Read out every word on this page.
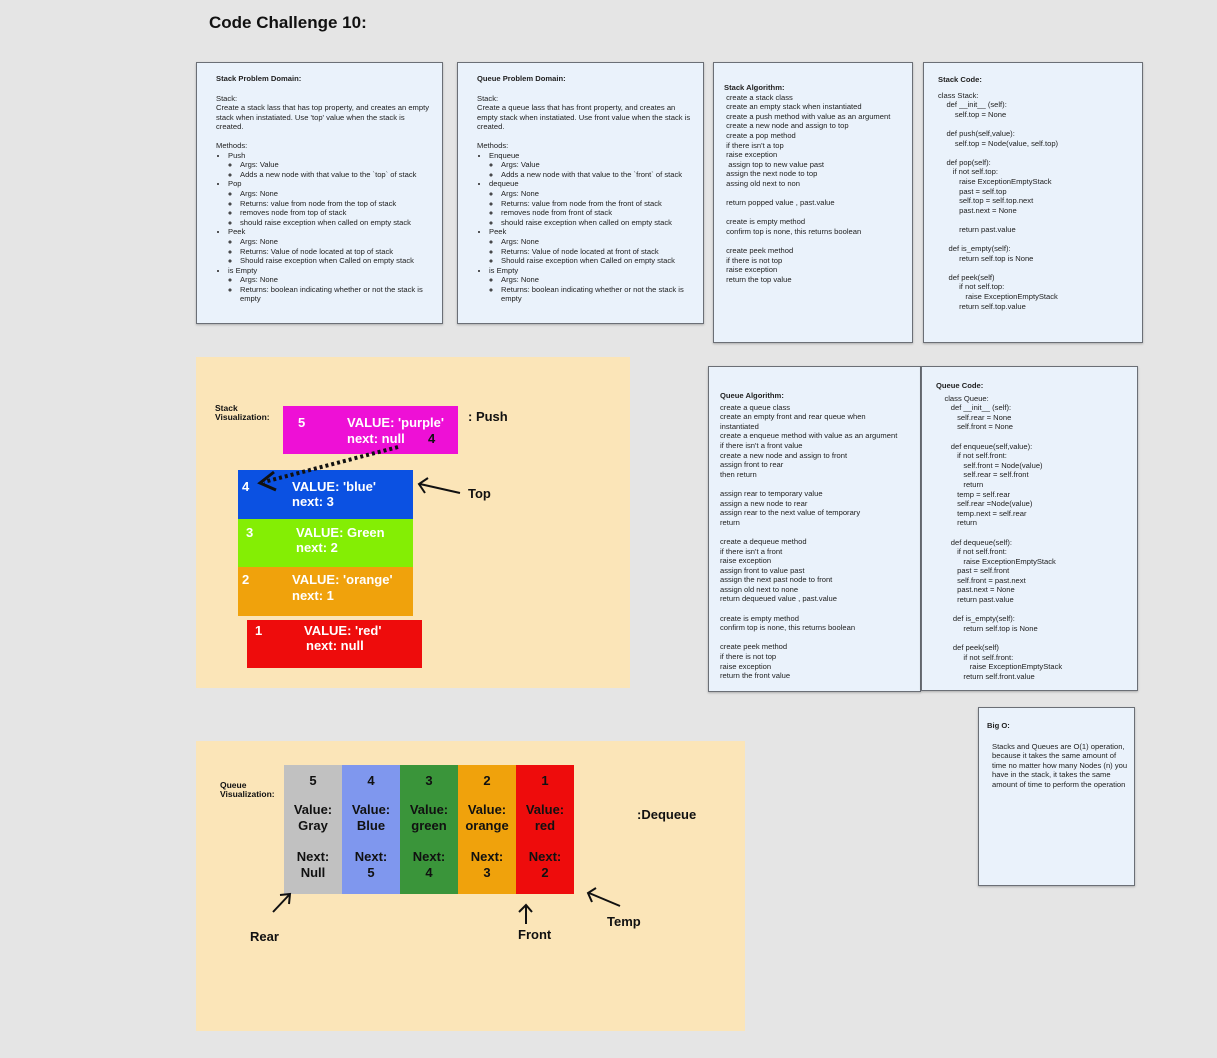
Code Challenge 10:
Stack Problem Domain:
Stack:
Create a stack lass that has top property, and creates an empty stack when instatiated. Use 'top' value when the stack is created.
Methods:
• Push
◦ Args: Value
◦ Adds a new node with that value to the `top` of stack
• Pop
◦ Args: None
◦ Returns: value from node from the top of stack
◦ removes node from top of stack
◦ should raise exception when called on empty stack
• Peek
◦ Args: None
◦ Returns: Value of node located at top of stack
◦ Should raise exception when Called on empty stack
• is Empty
◦ Args: None
◦ Returns: boolean indicating whether or not the stack is empty
Queue Problem Domain:
Stack:
Create a queue lass that has front property, and creates an empty stack when instatiated. Use front value when the stack is created.
Methods:
• Enqueue
◦ Args: Value
◦ Adds a new node with that value to the `front` of stack
• dequeue
◦ Args: None
◦ Returns: value from node from the front of stack
◦ removes node from front of stack
◦ should raise exception when called on empty stack
• Peek
◦ Args: None
◦ Returns: Value of node located at front of stack
◦ Should raise exception when Called on empty stack
• is Empty
◦ Args: None
◦ Returns: boolean indicating whether or not the stack is empty
Stack Algorithm:
create a stack class
create an empty stack when instantiated
create a push method with value as an argument
create a new node and assign to top
create a pop method
if there isn't a top
raise exception
assign top to new value past
assign the next node to top
assing old next to non

return popped value , past.value

create is empty method
confirm top is none, this returns boolean

create peek method
if there is not top
raise exception
return the top value
Stack Code:
class Stack:
def __init__ (self):
self.top = None

def push(self,value):
self.top = Node(value, self.top)

def pop(self):
if not self.top:
raise ExceptionEmptyStack
past = self.top
self.top = self.top.next
past.next = None

return past.value

def is_empty(self):
return self.top is None

def peek(self)
if not self.top:
raise ExceptionEmptyStack
return self.top.value
Queue Algorithm:
create a queue class
create an empty front and rear queue when
instantiated
create a enqueue method with value as an argument
if there isn't a front value
create a new node and assign to front
assign front to rear
then return

assign rear to temporary value
assign a new node to rear
assign rear to the next value of temporary
return

create a dequeue method
if there isn't a front
raise exception
assign front to value past
assign the next past node to front
assign old next to none
return dequeued value , past.value

create is empty method
confirm top is none, this returns boolean

create peek method
if there is not top
raise exception
return the front value
Queue Code:
class Queue:
def __init__ (self):
self.rear = None
self.front = None

def enqueue(self,value):
if not self.front:
self.front = Node(value)
self.rear = self.front
return
temp = self.rear
self.rear =Node(value)
temp.next = self.rear
return

def dequeue(self):
if not self.front:
raise ExceptionEmptyStack
past = self.front
self.front = past.next
past.next = None
return past.value

def is_empty(self):
return self.top is None

def peek(self)
if not self.front:
raise ExceptionEmptyStack
return self.front.value
Big O:
Stacks and Queues are O(1) operation, because it takes the same amount of time no matter how many Nodes (n) you have in the stack, it takes the same amount of time to perform the operation
Stack
Visualization: 5	VALUE: 'purple'
next: null 4
: Push
4	VALUE: 'blue'
next: 3
3	VALUE: Green
next: 2
2	VALUE: 'orange'
next: 1
1	VALUE: 'red'
next: null
Top
Queue
Visualization:
5
Value:
Gray
Next:
Null
4
Value:
Blue
Next:
5
3
Value:
green
Next:
4
2
Value:
orange
Next:
3
1
Value:
red
Next:
2
:Dequeue
Rear	Front
Temp
